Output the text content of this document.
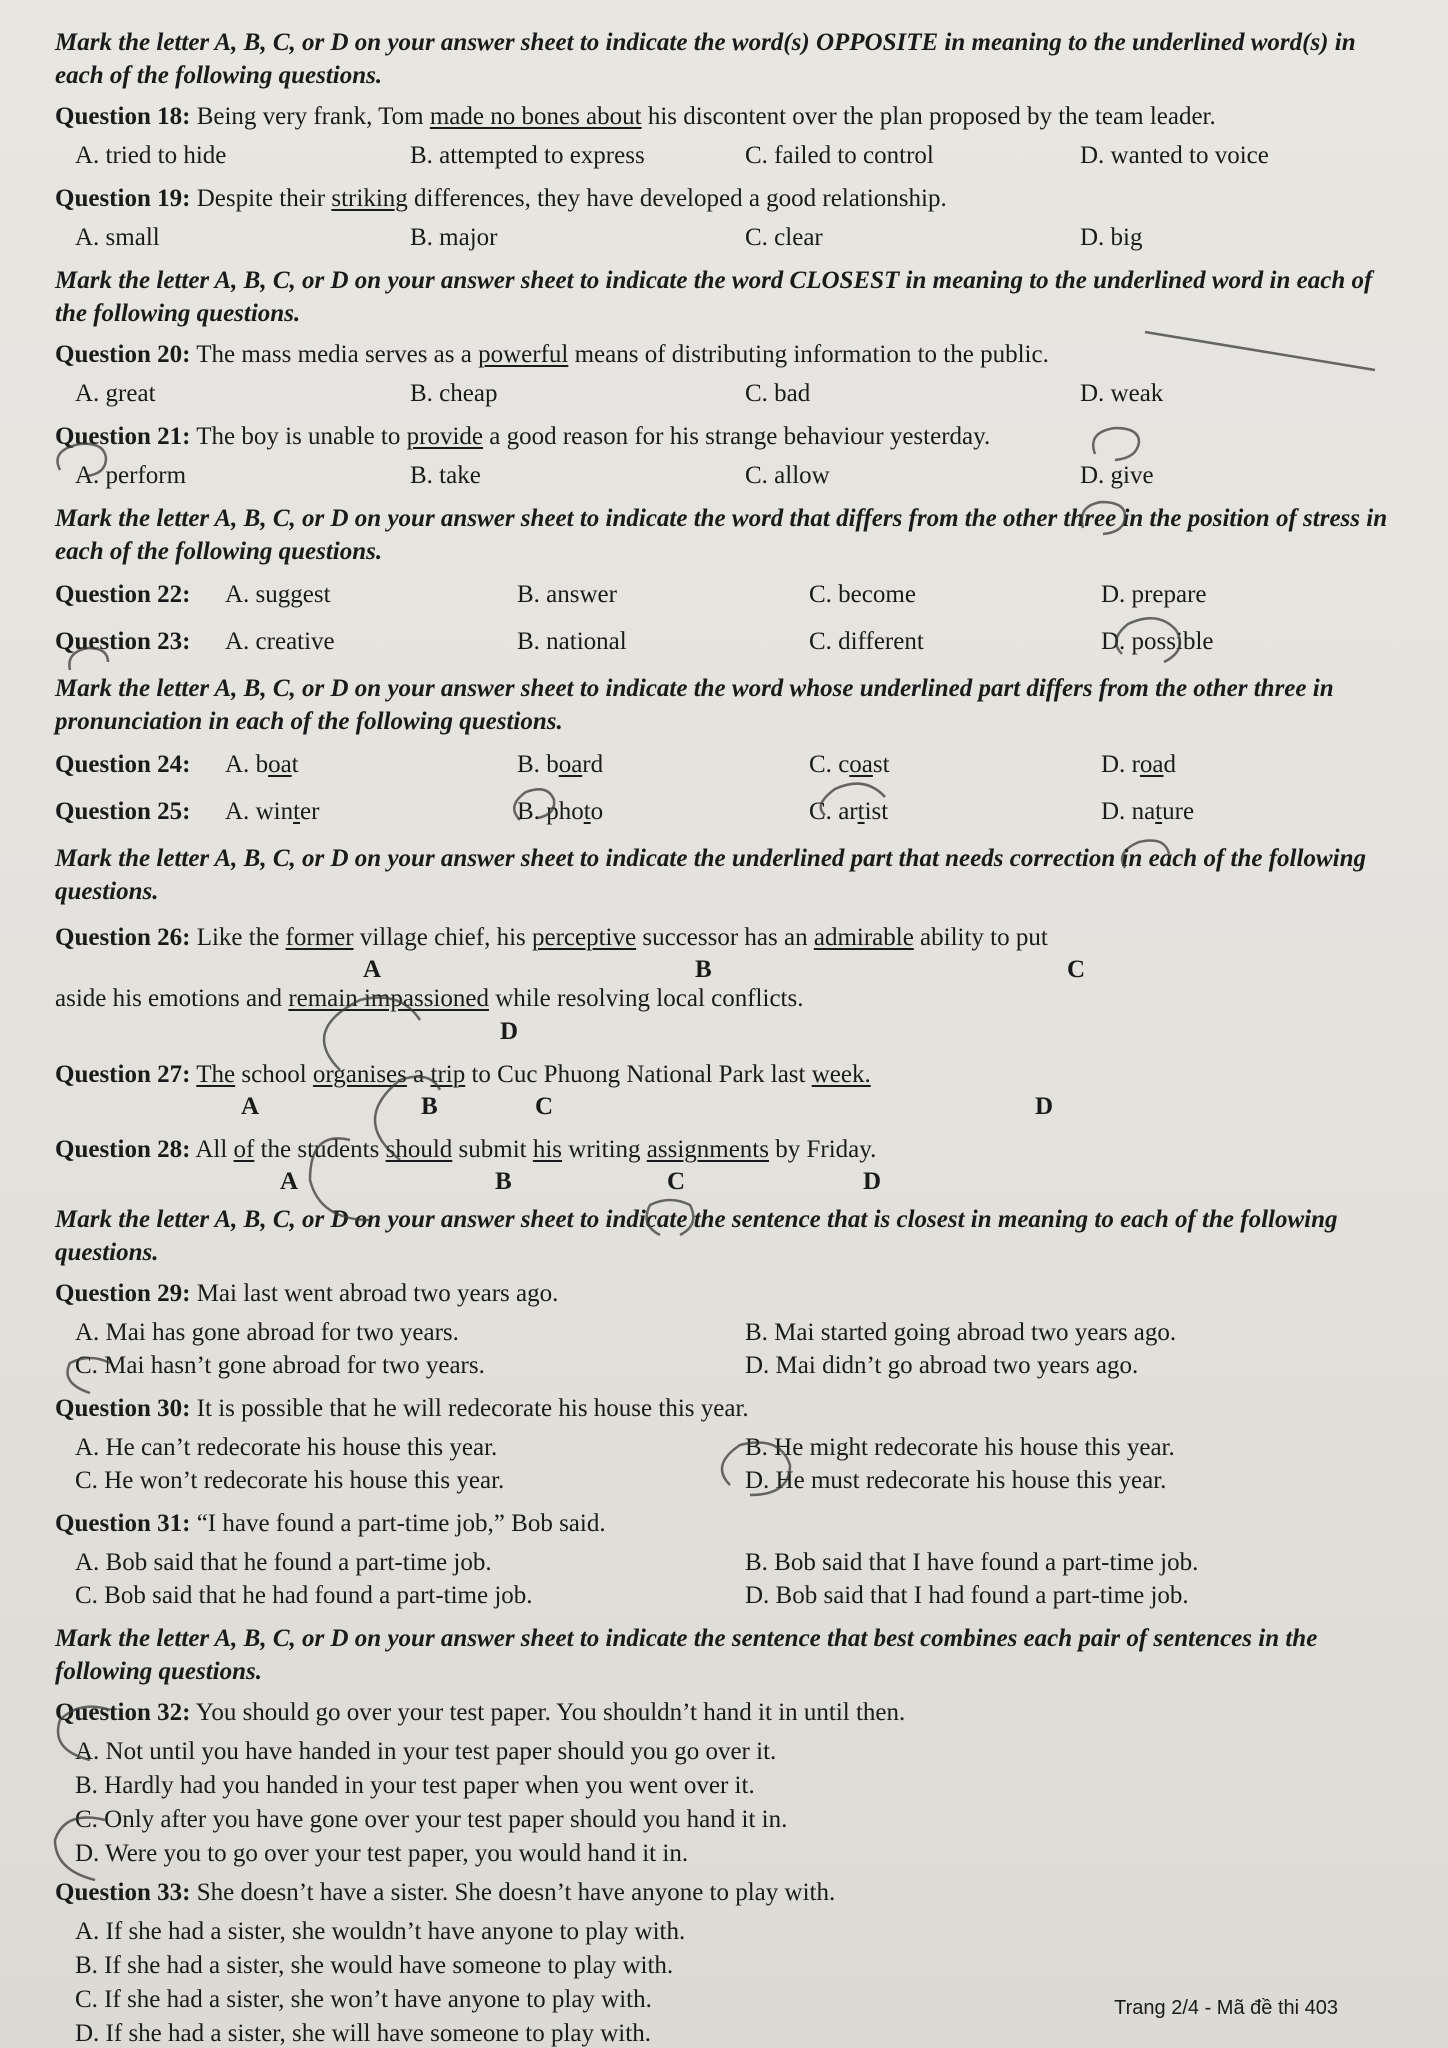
Mark the letter A, B, C, or D on your answer sheet to indicate the word(s) OPPOSITE in meaning to the underlined word(s) in each of the following questions.
Question 18: Being very frank, Tom made no bones about his discontent over the plan proposed by the team leader.
A. tried to hide	B. attempted to express	C. failed to control	D. wanted to voice
Question 19: Despite their striking differences, they have developed a good relationship.
A. small	B. major	C. clear	D. big
Mark the letter A, B, C, or D on your answer sheet to indicate the word CLOSEST in meaning to the underlined word in each of the following questions.
Question 20: The mass media serves as a powerful means of distributing information to the public.
A. great	B. cheap	C. bad	D. weak
Question 21: The boy is unable to provide a good reason for his strange behaviour yesterday.
A. perform	B. take	C. allow	D. give
Mark the letter A, B, C, or D on your answer sheet to indicate the word that differs from the other three in the position of stress in each of the following questions.
Question 22:	A. suggest	B. answer	C. become	D. prepare
Question 23:	A. creative	B. national	C. different	D. possible
Mark the letter A, B, C, or D on your answer sheet to indicate the word whose underlined part differs from the other three in pronunciation in each of the following questions.
Question 24:	A. boat	B. board	C. coast	D. road
Question 25:	A. winter	B. photo	C. artist	D. nature
Mark the letter A, B, C, or D on your answer sheet to indicate the underlined part that needs correction in each of the following questions.
Question 26: Like the former village chief, his perceptive successor has an admirable ability to put
A	B	C
aside his emotions and remain impassioned while resolving local conflicts.
D
Question 27: The school organises a trip to Cuc Phuong National Park last week.
A	B	C	D
Question 28: All of the students should submit his writing assignments by Friday.
A	B	C	D
Mark the letter A, B, C, or D on your answer sheet to indicate the sentence that is closest in meaning to each of the following questions.
Question 29: Mai last went abroad two years ago.
A. Mai has gone abroad for two years.	B. Mai started going abroad two years ago.
C. Mai hasn’t gone abroad for two years.	D. Mai didn’t go abroad two years ago.
Question 30: It is possible that he will redecorate his house this year.
A. He can’t redecorate his house this year.	B. He might redecorate his house this year.
C. He won’t redecorate his house this year.	D. He must redecorate his house this year.
Question 31: “I have found a part-time job,” Bob said.
A. Bob said that he found a part-time job.	B. Bob said that I have found a part-time job.
C. Bob said that he had found a part-time job.	D. Bob said that I had found a part-time job.
Mark the letter A, B, C, or D on your answer sheet to indicate the sentence that best combines each pair of sentences in the following questions.
Question 32: You should go over your test paper. You shouldn’t hand it in until then.
A. Not until you have handed in your test paper should you go over it.
B. Hardly had you handed in your test paper when you went over it.
C. Only after you have gone over your test paper should you hand it in.
D. Were you to go over your test paper, you would hand it in.
Question 33: She doesn’t have a sister. She doesn’t have anyone to play with.
A. If she had a sister, she wouldn’t have anyone to play with.
B. If she had a sister, she would have someone to play with.
C. If she had a sister, she won’t have anyone to play with.
D. If she had a sister, she will have someone to play with.
Trang 2/4 - Mã đề thi 403
